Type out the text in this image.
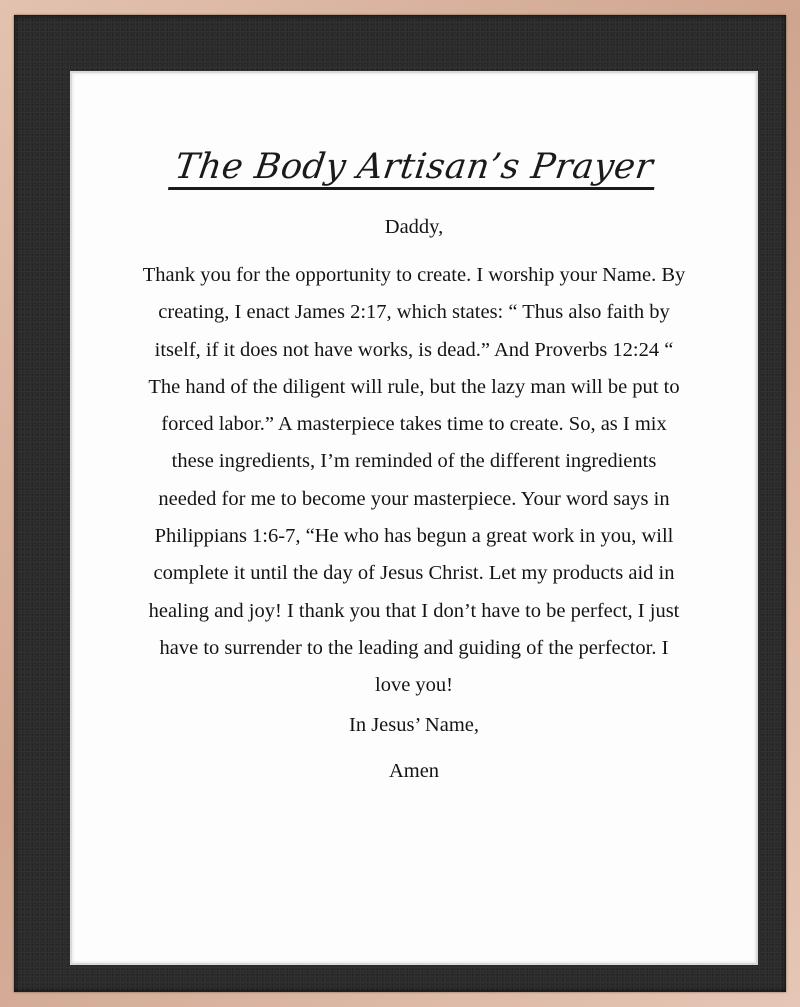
The Body Artisan’s Prayer

Daddy,

Thank you for the opportunity to create. I worship your Name. By creating, I enact James 2:17, which states: “ Thus also faith by itself, if it does not have works, is dead.” And Proverbs 12:24 “ The hand of the diligent will rule, but the lazy man will be put to forced labor.” A masterpiece takes time to create. So, as I mix these ingredients, I’m reminded of the different ingredients needed for me to become your masterpiece. Your word says in Philippians 1:6-7, “He who has begun a great work in you, will complete it until the day of Jesus Christ. Let my products aid in healing and joy! I thank you that I don’t have to be perfect, I just have to surrender to the leading and guiding of the perfector. I love you!

In Jesus’ Name,

Amen
